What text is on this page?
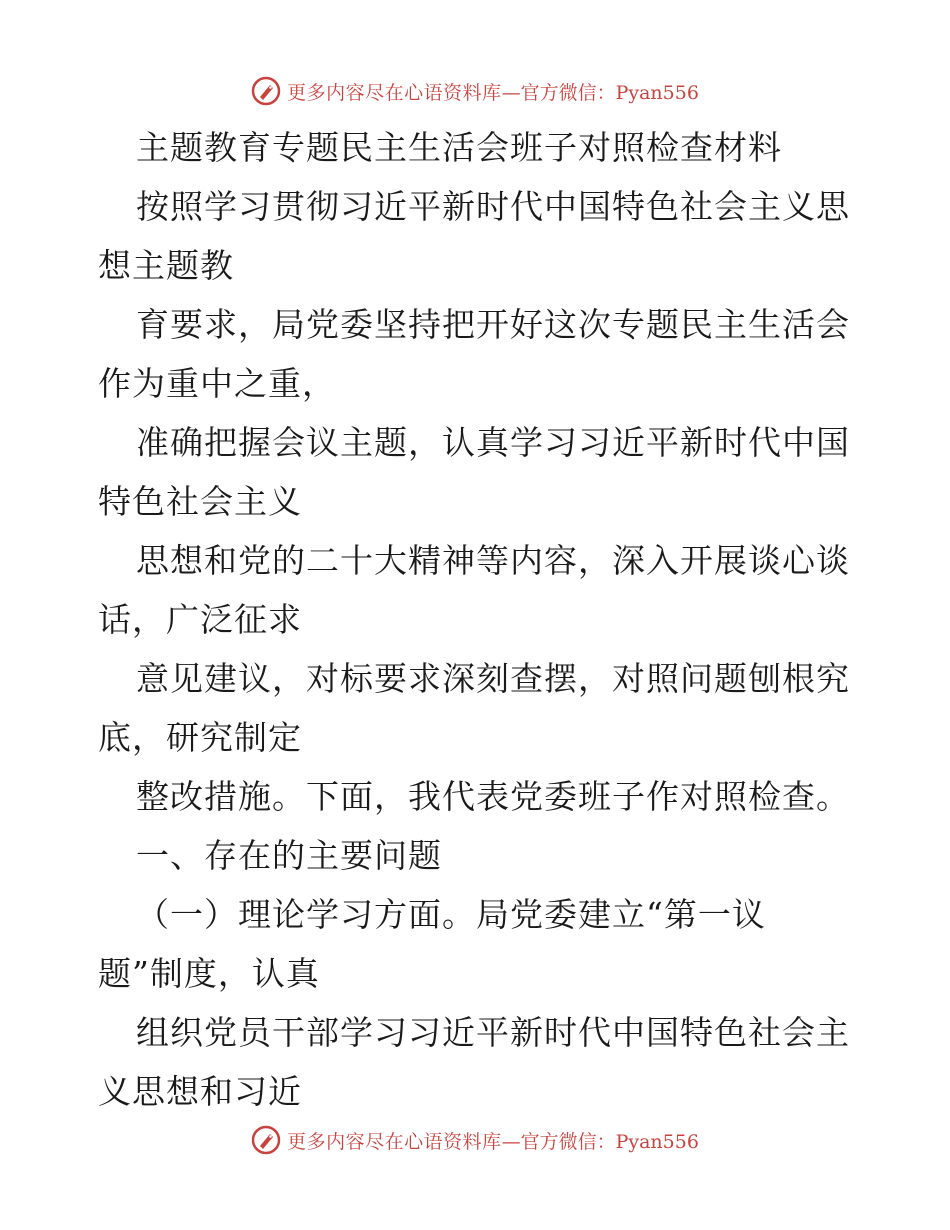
更多内容尽在心语资料库 —官方微信：Pyan556
主题教育专题民主生活会班子对照检查材料
按照学习贯彻习近平新时代中国特色社会主义思
想主题教
育要求，局党委坚持把开好这次专题民主生活会
作为重中之重，
准确把握会议主题，认真学习习近平新时代中国
特色社会主义
思想和党的二十大精神等内容，深入开展谈心谈
话，广泛征求
意见建议，对标要求深刻查摆，对照问题刨根究
底，研究制定
整改措施。下面，我代表党委班子作对照检查。
一、存在的主要问题
（一）理论学习方面。局党委建立“第一议
题”制度，认真
组织党员干部学习习近平新时代中国特色社会主
义思想和习近
更多内容尽在心语资料库 —官方微信：Pyan556
